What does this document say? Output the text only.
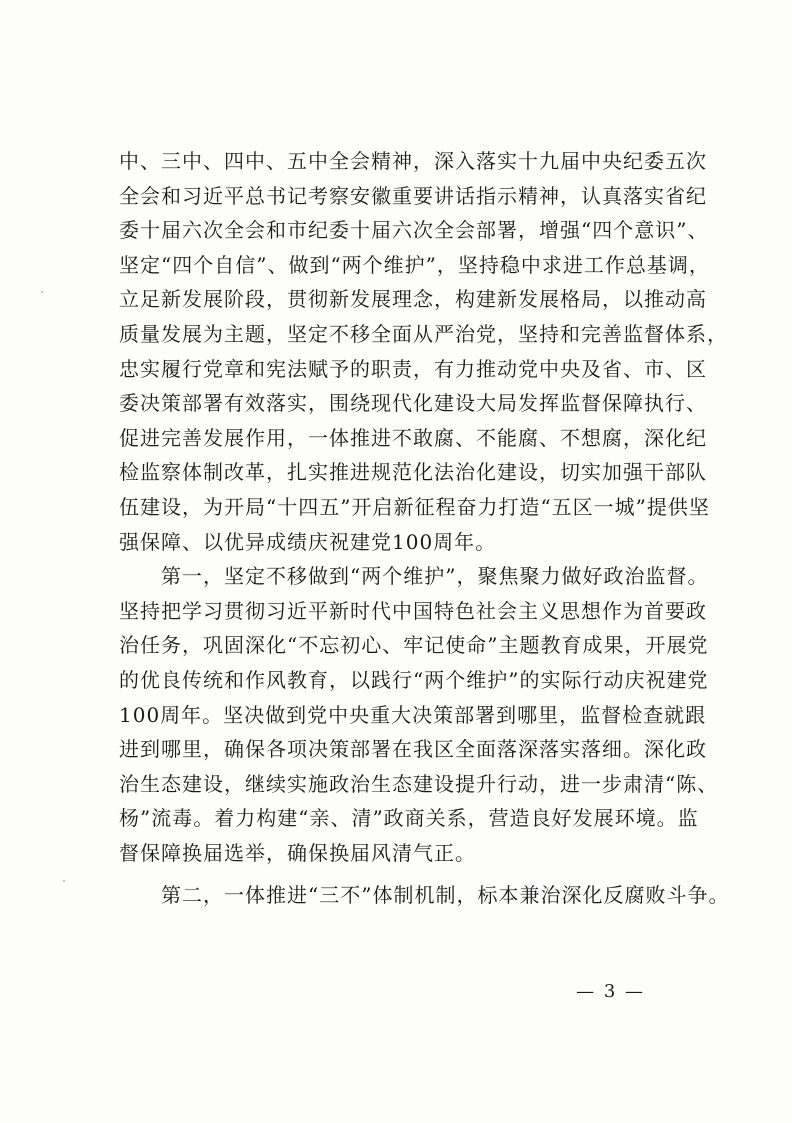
中、三中、四中、五中全会精神，深入落实十九届中央纪委五次
全会和习近平总书记考察安徽重要讲话指示精神，认真落实省纪
委十届六次全会和市纪委十届六次全会部署，增强“四个意识”、
坚定“四个自信”、做到“两个维护”，坚持稳中求进工作总基调，
立足新发展阶段，贯彻新发展理念，构建新发展格局，以推动高
质量发展为主题，坚定不移全面从严治党，坚持和完善监督体系，
忠实履行党章和宪法赋予的职责，有力推动党中央及省、市、区
委决策部署有效落实，围绕现代化建设大局发挥监督保障执行、
促进完善发展作用，一体推进不敢腐、不能腐、不想腐，深化纪
检监察体制改革，扎实推进规范化法治化建设，切实加强干部队
伍建设，为开局“十四五”开启新征程奋力打造“五区一城”提供坚
强保障、以优异成绩庆祝建党100周年。
　　第一，坚定不移做到“两个维护”，聚焦聚力做好政治监督。
坚持把学习贯彻习近平新时代中国特色社会主义思想作为首要政
治任务，巩固深化“不忘初心、牢记使命”主题教育成果，开展党
的优良传统和作风教育，以践行“两个维护”的实际行动庆祝建党
100周年。坚决做到党中央重大决策部署到哪里，监督检查就跟
进到哪里，确保各项决策部署在我区全面落深落实落细。深化政
治生态建设，继续实施政治生态建设提升行动，进一步肃清“陈、
杨”流毒。着力构建“亲、清”政商关系，营造良好发展环境。监
督保障换届选举，确保换届风清气正。
　　第二，一体推进“三不”体制机制，标本兼治深化反腐败斗争。
— 3 —
